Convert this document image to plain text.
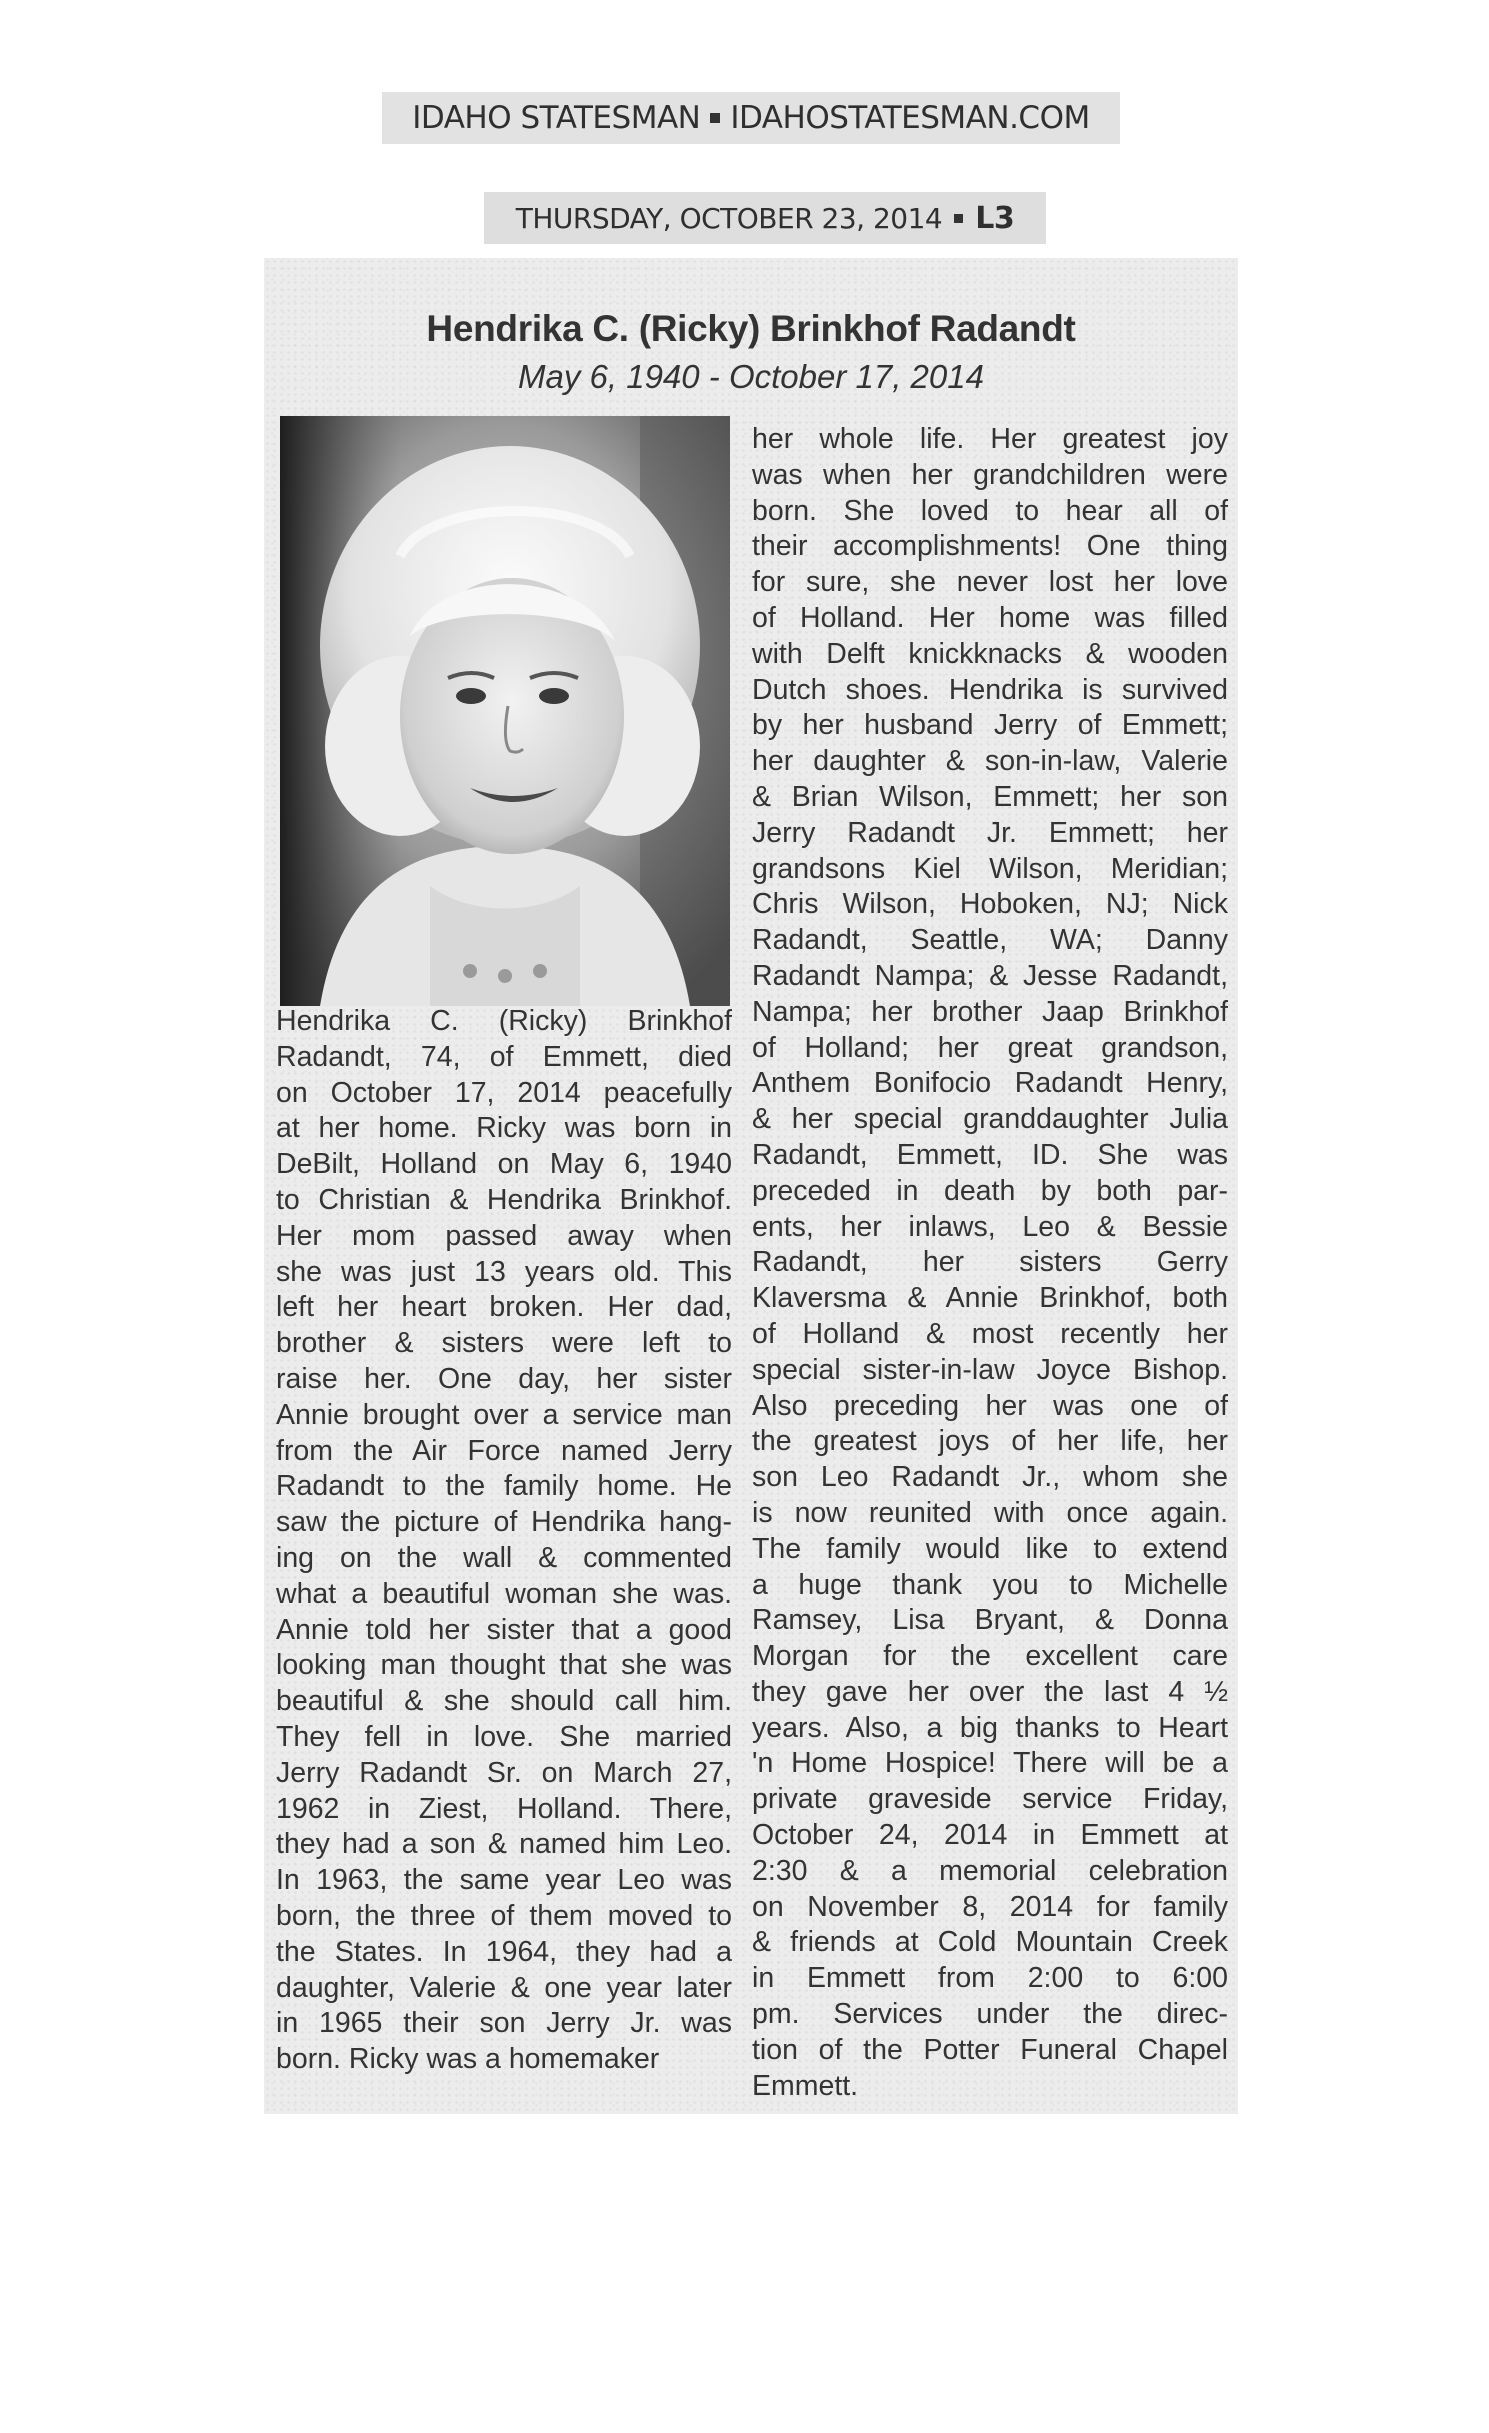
IDAHO STATESMAN IDAHOSTATESMAN.COM
THURSDAY, OCTOBER 23, 2014 L3
Hendrika C. (Ricky) Brinkhof Radandt
May 6, 1940 - October 17, 2014
Hendrika C. (Ricky) Brinkhof
Radandt, 74, of Emmett, died
on October 17, 2014 peacefully
at her home. Ricky was born in
DeBilt, Holland on May 6, 1940
to Christian & Hendrika Brinkhof.
Her mom passed away when
she was just 13 years old. This
left her heart broken. Her dad,
brother & sisters were left to
raise her. One day, her sister
Annie brought over a service man
from the Air Force named Jerry
Radandt to the family home. He
saw the picture of Hendrika hang-
ing on the wall & commented
what a beautiful woman she was.
Annie told her sister that a good
looking man thought that she was
beautiful & she should call him.
They fell in love. She married
Jerry Radandt Sr. on March 27,
1962 in Ziest, Holland. There,
they had a son & named him Leo.
In 1963, the same year Leo was
born, the three of them moved to
the States. In 1964, they had a
daughter, Valerie & one year later
in 1965 their son Jerry Jr. was
born. Ricky was a homemaker
her whole life. Her greatest joy
was when her grandchildren were
born. She loved to hear all of
their accomplishments! One thing
for sure, she never lost her love
of Holland. Her home was filled
with Delft knickknacks & wooden
Dutch shoes. Hendrika is survived
by her husband Jerry of Emmett;
her daughter & son-in-law, Valerie
& Brian Wilson, Emmett; her son
Jerry Radandt Jr. Emmett; her
grandsons Kiel Wilson, Meridian;
Chris Wilson, Hoboken, NJ; Nick
Radandt, Seattle, WA; Danny
Radandt Nampa; & Jesse Radandt,
Nampa; her brother Jaap Brinkhof
of Holland; her great grandson,
Anthem Bonifocio Radandt Henry,
& her special granddaughter Julia
Radandt, Emmett, ID. She was
preceded in death by both par-
ents, her inlaws, Leo & Bessie
Radandt, her sisters Gerry
Klaversma & Annie Brinkhof, both
of Holland & most recently her
special sister-in-law Joyce Bishop.
Also preceding her was one of
the greatest joys of her life, her
son Leo Radandt Jr., whom she
is now reunited with once again.
The family would like to extend
a huge thank you to Michelle
Ramsey, Lisa Bryant, & Donna
Morgan for the excellent care
they gave her over the last 4 ½
years. Also, a big thanks to Heart
'n Home Hospice! There will be a
private graveside service Friday,
October 24, 2014 in Emmett at
2:30 & a memorial celebration
on November 8, 2014 for family
& friends at Cold Mountain Creek
in Emmett from 2:00 to 6:00
pm. Services under the direc-
tion of the Potter Funeral Chapel
Emmett.
